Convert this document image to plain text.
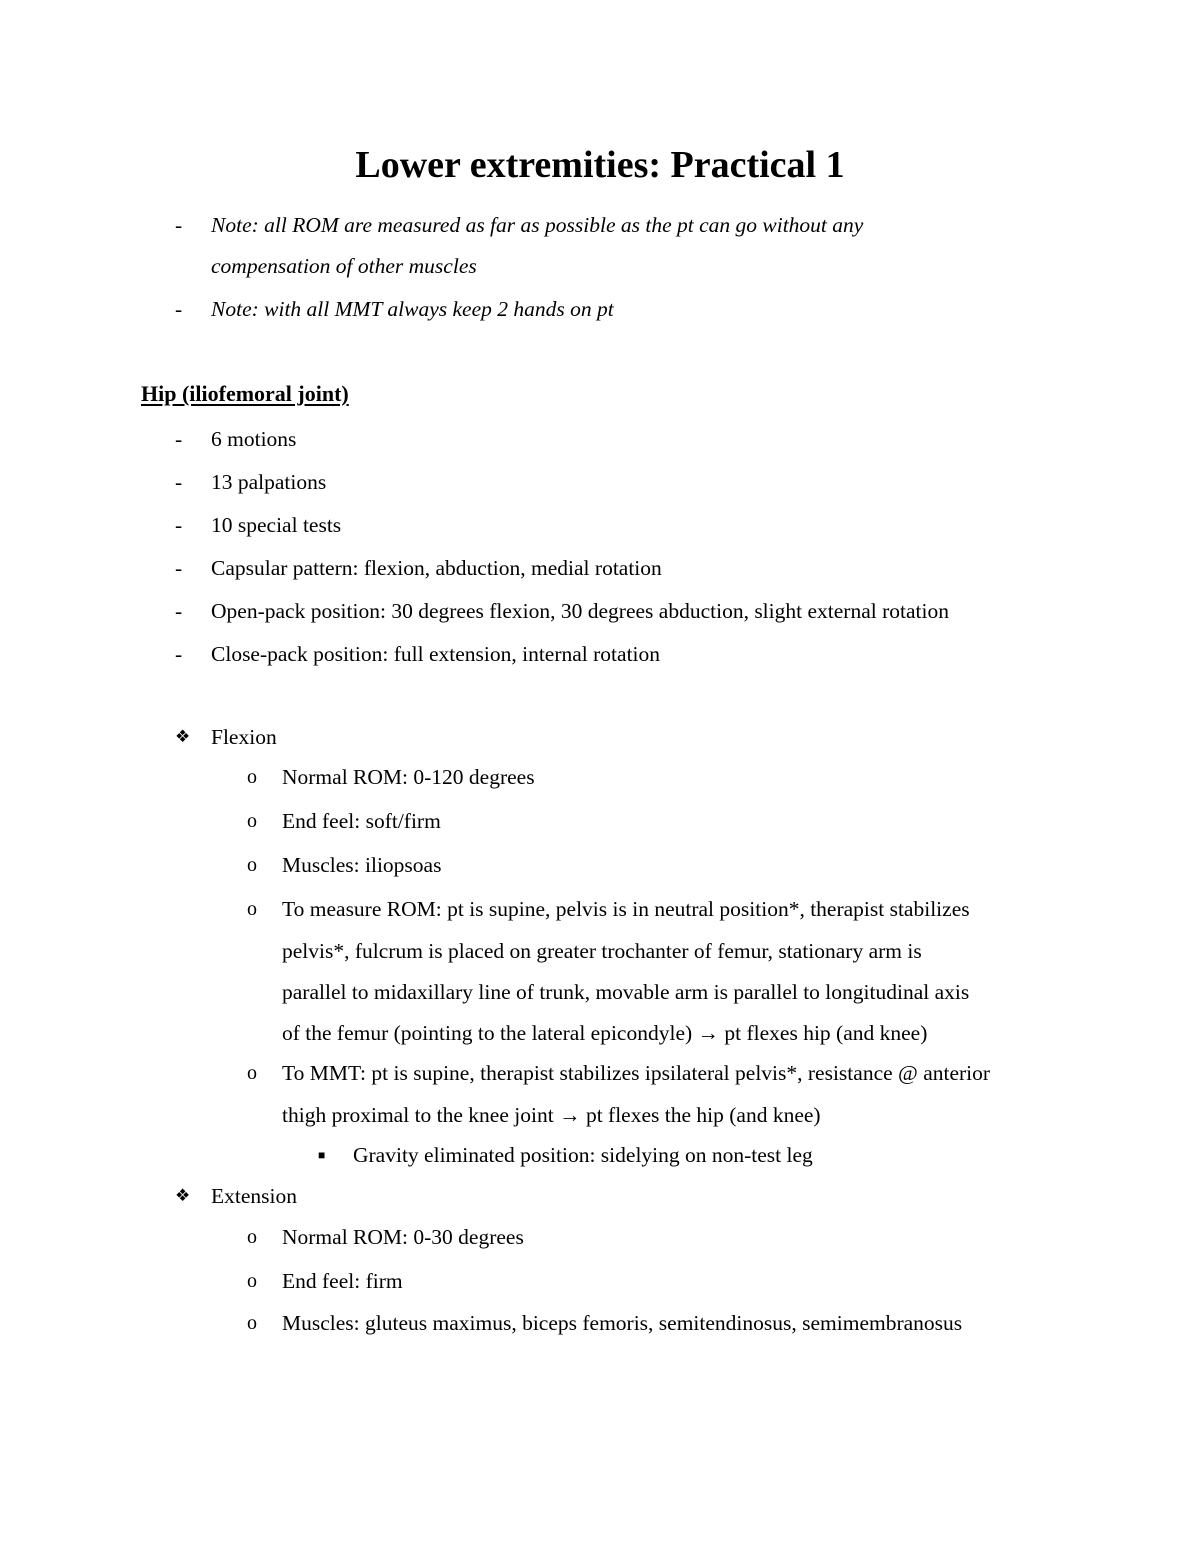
Lower extremities: Practical 1
- Note: all ROM are measured as far as possible as the pt can go without any
compensation of other muscles
- Note: with all MMT always keep 2 hands on pt
Hip (iliofemoral joint)
- 6 motions
- 13 palpations
- 10 special tests
- Capsular pattern: flexion, abduction, medial rotation
- Open-pack position: 30 degrees flexion, 30 degrees abduction, slight external rotation
- Close-pack position: full extension, internal rotation
❖ Flexion
o Normal ROM: 0-120 degrees
o End feel: soft/firm
o Muscles: iliopsoas
o To measure ROM: pt is supine, pelvis is in neutral position*, therapist stabilizes
pelvis*, fulcrum is placed on greater trochanter of femur, stationary arm is
parallel to midaxillary line of trunk, movable arm is parallel to longitudinal axis
of the femur (pointing to the lateral epicondyle) → pt flexes hip (and knee)
o To MMT: pt is supine, therapist stabilizes ipsilateral pelvis*, resistance @ anterior
thigh proximal to the knee joint → pt flexes the hip (and knee)
■ Gravity eliminated position: sidelying on non-test leg
❖ Extension
o Normal ROM: 0-30 degrees
o End feel: firm
o Muscles: gluteus maximus, biceps femoris, semitendinosus, semimembranosus
